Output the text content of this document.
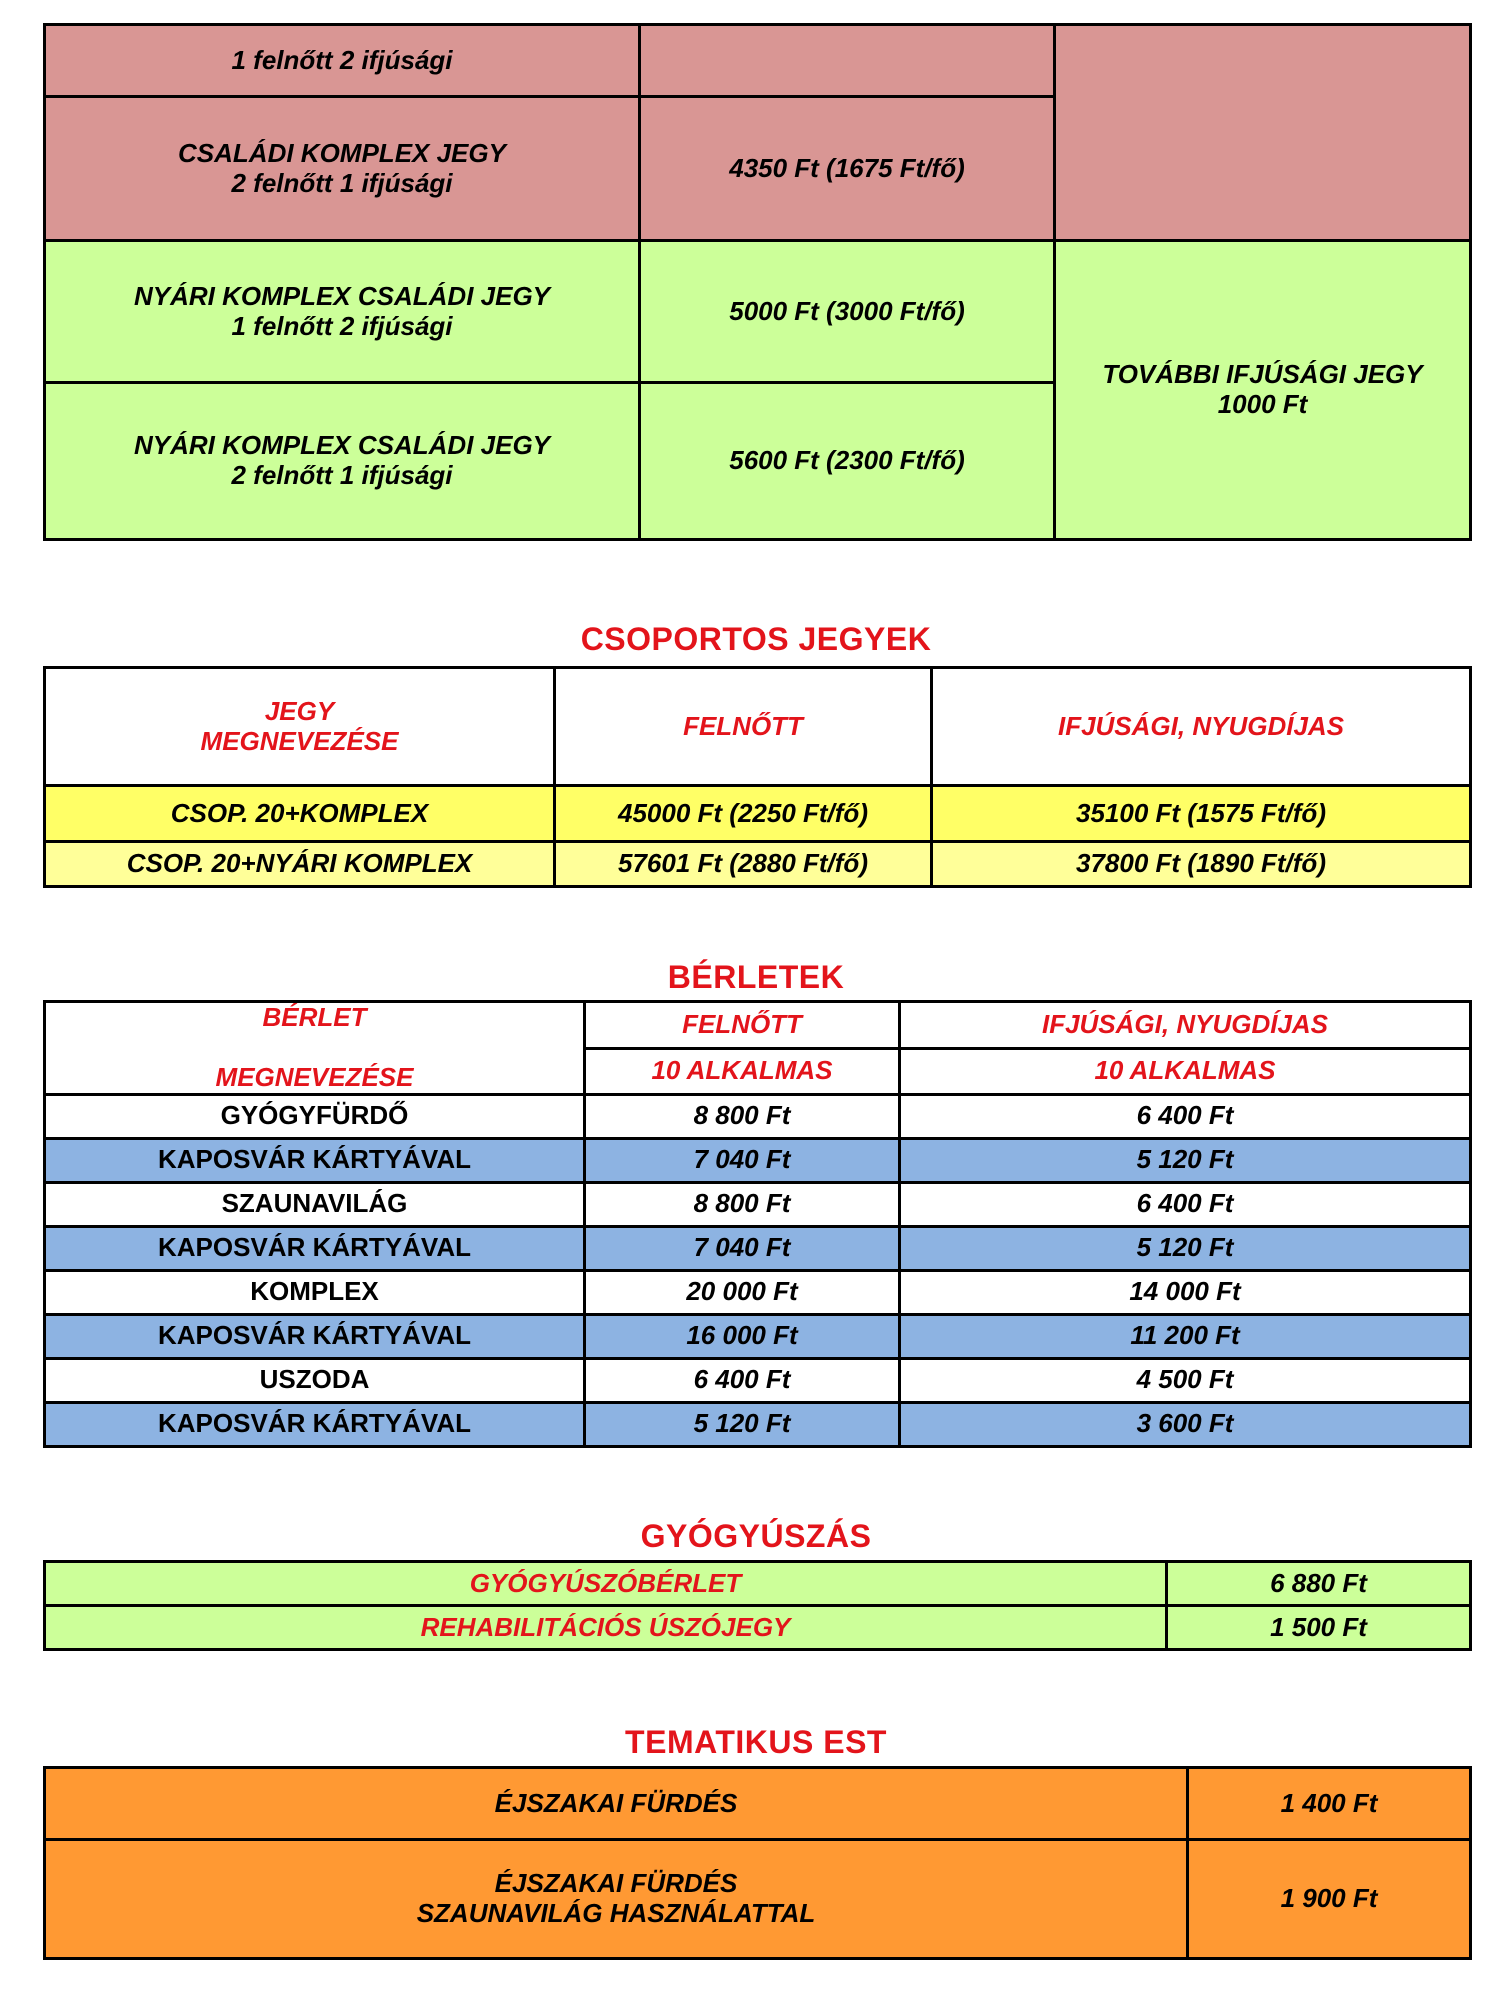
1 felnőtt 2 ifjúsági		

CSALÁDI KOMPLEX JEGY
2 felnőtt 1 ifjúsági	4350 Ft (1675 Ft/fő)	

NYÁRI KOMPLEX CSALÁDI JEGY
1 felnőtt 2 ifjúsági	5000 Ft (3000 Ft/fő)	TOVÁBBI IFJÚSÁGI JEGY
1000 Ft

NYÁRI KOMPLEX CSALÁDI JEGY
2 felnőtt 1 ifjúsági	5600 Ft (2300 Ft/fő)	
CSOPORTOS JEGYEK
JEGY
MEGNEVEZÉSE	FELNŐTT	IFJÚSÁGI, NYUGDÍJAS
CSOP. 20+KOMPLEX	45000 Ft (2250 Ft/fő)	35100 Ft (1575 Ft/fő)
CSOP. 20+NYÁRI KOMPLEX	57601 Ft (2880 Ft/fő)	37800 Ft (1890 Ft/fő)
BÉRLETEK
BÉRLET

MEGNEVEZÉSE	FELNŐTT	IFJÚSÁGI, NYUGDÍJAS
	10 ALKALMAS	10 ALKALMAS
GYÓGYFÜRDŐ	8 800 Ft	6 400 Ft
KAPOSVÁR KÁRTYÁVAL	7 040 Ft	5 120 Ft
SZAUNAVILÁG	8 800 Ft	6 400 Ft
KAPOSVÁR KÁRTYÁVAL	7 040 Ft	5 120 Ft
KOMPLEX	20 000 Ft	14 000 Ft
KAPOSVÁR KÁRTYÁVAL	16 000 Ft	11 200 Ft
USZODA	6 400 Ft	4 500 Ft
KAPOSVÁR KÁRTYÁVAL	5 120 Ft	3 600 Ft
GYÓGYÚSZÁS
GYÓGYÚSZÓBÉRLET	6 880 Ft
REHABILITÁCIÓS ÚSZÓJEGY	1 500 Ft
TEMATIKUS EST
ÉJSZAKAI FÜRDÉS	1 400 Ft

ÉJSZAKAI FÜRDÉS
SZAUNAVILÁG HASZNÁLATTAL	1 900 Ft
